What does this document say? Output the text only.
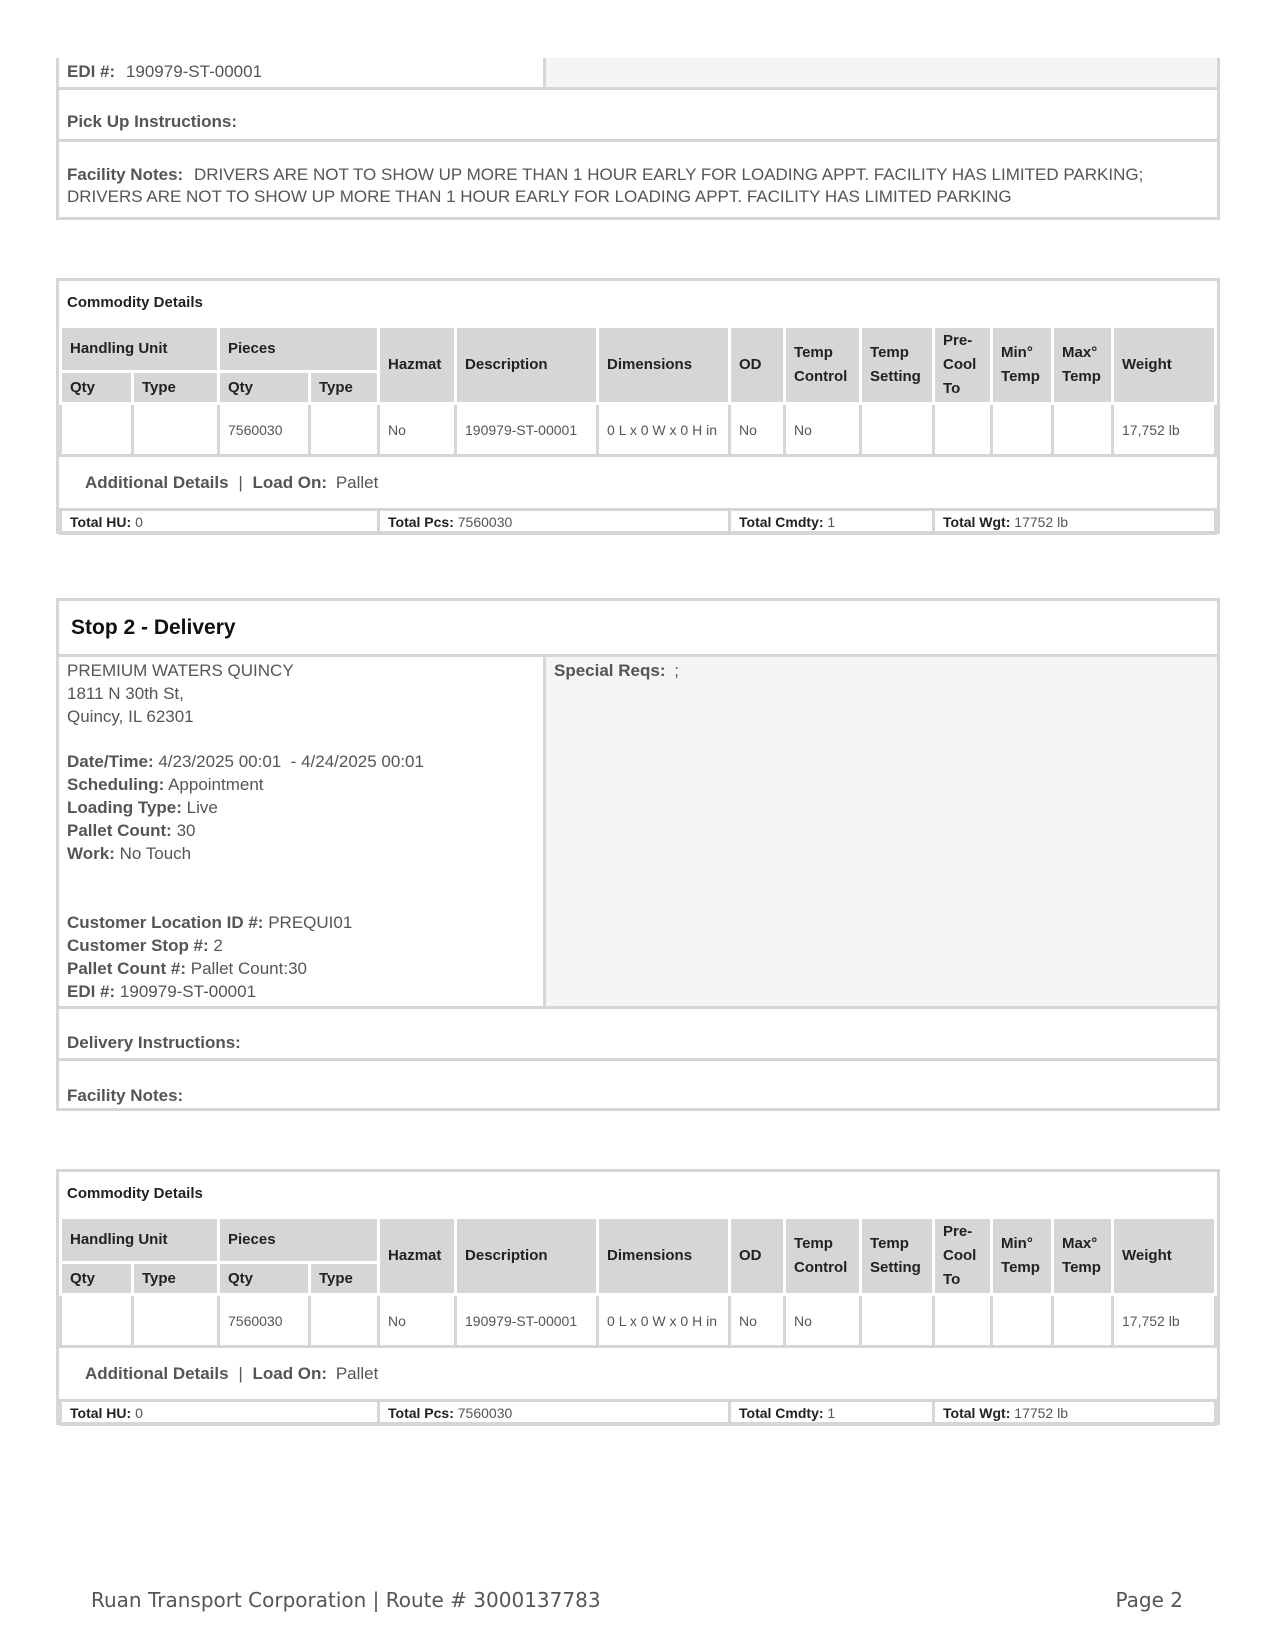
EDI #: 190979-ST-00001
Pick Up Instructions:
Facility Notes: DRIVERS ARE NOT TO SHOW UP MORE THAN 1 HOUR EARLY FOR LOADING APPT. FACILITY HAS LIMITED PARKING; DRIVERS ARE NOT TO SHOW UP MORE THAN 1 HOUR EARLY FOR LOADING APPT. FACILITY HAS LIMITED PARKING
Commodity Details
Handling Unit		Pieces		Hazmat	Description	Dimensions	OD	Temp Control	Temp Setting	Pre-Cool To	Min° Temp	Max° Temp	Weight
Qty	Type	Qty	Type										
		7560030		No	190979-ST-00001	0 L x 0 W x 0 H in	No	No					17,752 lb
Additional Details | Load On: Pallet
Total HU: 0	Total Pcs: 7560030	Total Cmdty: 1	Total Wgt: 17752 lb
Stop 2 - Delivery
PREMIUM WATERS QUINCY
1811 N 30th St,
Quincy, IL 62301
Date/Time: 4/23/2025 00:01  - 4/24/2025 00:01
Scheduling: Appointment
Loading Type: Live
Pallet Count: 30
Work: No Touch
Customer Location ID #: PREQUI01
Customer Stop #: 2
Pallet Count #: Pallet Count:30
EDI #: 190979-ST-00001
Special Reqs: ;
Delivery Instructions:
Facility Notes:
Commodity Details
Handling Unit		Pieces		Hazmat	Description	Dimensions	OD	Temp Control	Temp Setting	Pre-Cool To	Min° Temp	Max° Temp	Weight
Qty	Type	Qty	Type										
		7560030		No	190979-ST-00001	0 L x 0 W x 0 H in	No	No					17,752 lb
Additional Details | Load On: Pallet
Total HU: 0	Total Pcs: 7560030	Total Cmdty: 1	Total Wgt: 17752 lb
Ruan Transport Corporation | Route # 3000137783	Page 2
